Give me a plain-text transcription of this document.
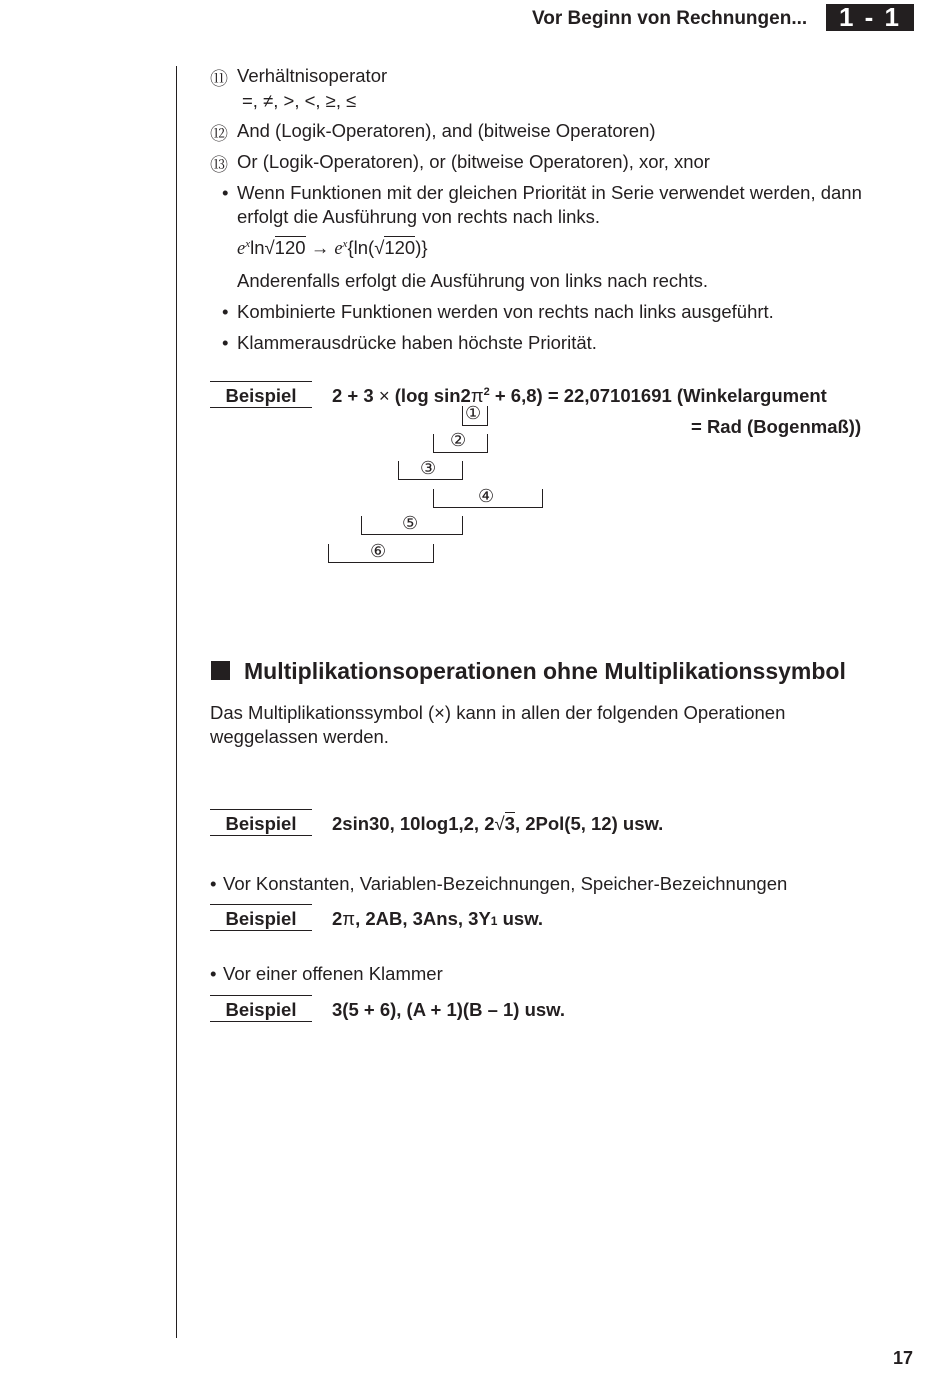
Vor Beginn von Rechnungen...	1 - 1
⑪ Verhältnisoperator
=, ≠, >, <, ≥, ≤
⑫ And (Logik-Operatoren), and (bitweise Operatoren)
⑬ Or (Logik-Operatoren), or (bitweise Operatoren), xor, xnor
• Wenn Funktionen mit der gleichen Priorität in Serie verwendet werden, dann
erfolgt die Ausführung von rechts nach links.
$e^x\ln√120 \to e^x\{\ln(√120)\}$
Anderenfalls erfolgt die Ausführung von links nach rechts.
• Kombinierte Funktionen werden von rechts nach links ausgeführt.
• Klammerausdrücke haben höchste Priorität.
Beispiel	2 + 3 × (log $\sin 2\pi^2 + 6,8) = 22,07101691$ (Winkelargument
= Rad (Bogenmaß))
①
②
③
④
⑤
⑥
Multiplikationsoperationen ohne Multiplikationssymbol
Das Multiplikationssymbol (×) kann in allen der folgenden Operationen
weggelassen werden.
Beispiel	2sin30, 10log1,2, 2√3, 2Pol(5, 12) usw.
• Vor Konstanten, Variablen-Bezeichnungen, Speicher-Bezeichnungen
Beispiel	2π, 2AB, 3Ans, 3Y1 usw.
• Vor einer offenen Klammer
Beispiel	3(5 + 6), (A + 1)(B – 1) usw.
17
